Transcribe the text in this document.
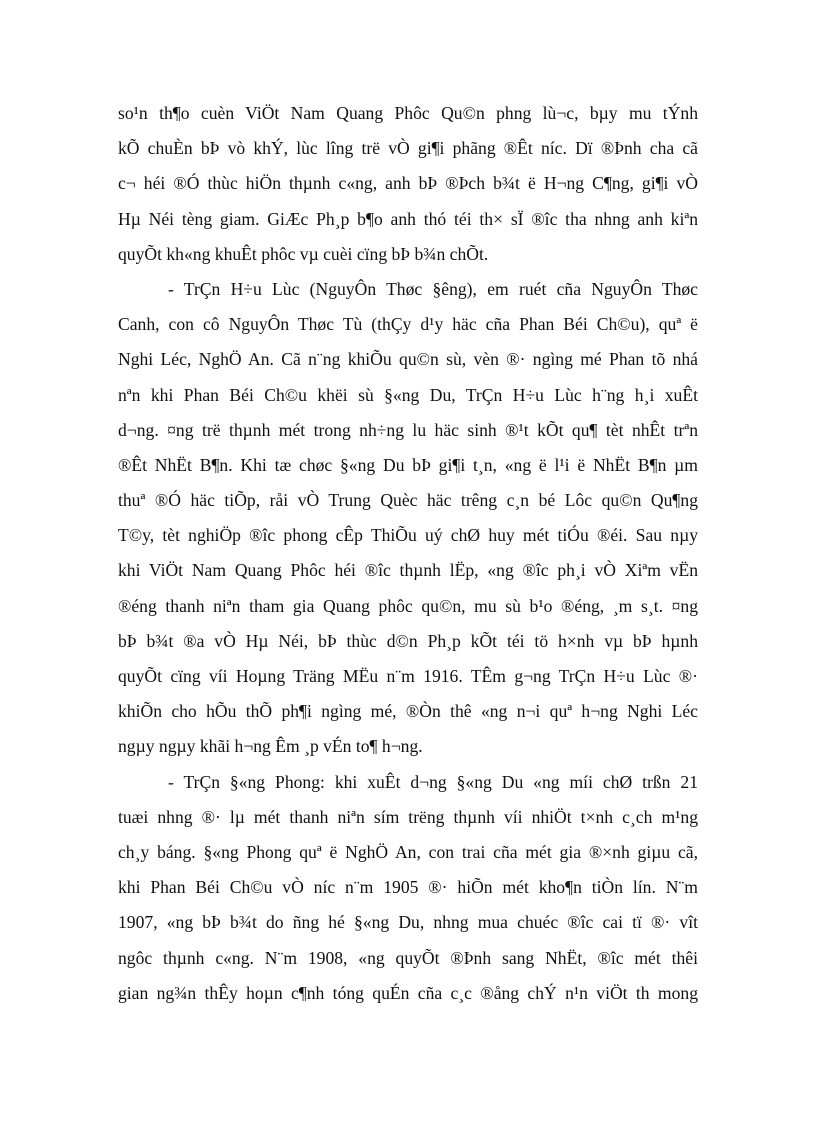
so¹n th¶o cuèn ViÖt Nam Quang Phôc Qu©n phng lù¬c, bµy mu tÝnh
kÕ chuÈn bÞ vò khÝ, lùc lîng trë vÒ gi¶i phãng ®Êt níc. Dï ®Þnh cha cã
c¬ héi ®Ó thùc hiÖn thµnh c«ng, anh bÞ ®Þch b¾t ë H¬ng C¶ng, gi¶i vÒ
Hµ Néi tèng giam. GiÆc Ph¸p b¶o anh thó téi th× sÏ ®îc tha nhng anh kiªn
quyÕt kh«ng khuÊt phôc vµ cuèi cïng bÞ b¾n chÕt.
- TrÇn H÷u Lùc (NguyÔn Thøc §êng), em ruét cña NguyÔn Thøc
Canh, con cô NguyÔn Thøc Tù (thÇy d¹y häc cña Phan Béi Ch©u), quª ë
Nghi Léc, NghÖ An. Cã n¨ng khiÕu qu©n sù, vèn ®· ngìng mé Phan tõ nhá
nªn khi Phan Béi Ch©u khëi sù §«ng Du, TrÇn H÷u Lùc h¨ng h¸i xuÊt
d¬ng. ¤ng trë thµnh mét trong nh÷ng lu häc sinh ®¹t kÕt qu¶ tèt nhÊt trªn
®Êt NhËt B¶n. Khi tæ chøc §«ng Du bÞ gi¶i t¸n, «ng ë l¹i ë NhËt B¶n µm
thuª ®Ó häc tiÕp, råi vÒ Trung Quèc häc trêng c¸n bé Lôc qu©n Qu¶ng
T©y, tèt nghiÖp ®îc phong cÊp ThiÕu uý chØ huy mét tiÓu ®éi. Sau nµy
khi ViÖt Nam Quang Phôc héi ®îc thµnh lËp, «ng ®îc ph¸i vÒ Xiªm vËn
®éng thanh niªn tham gia Quang phôc qu©n, mu sù b¹o ®éng, ¸m s¸t. ¤ng
bÞ b¾t ®a vÒ Hµ Néi, bÞ thùc d©n Ph¸p kÕt téi tö h×nh vµ bÞ hµnh
quyÕt cïng víi Hoµng Träng MËu n¨m 1916. TÊm g¬ng TrÇn H÷u Lùc ®·
khiÕn cho hÕu thÕ ph¶i ngìng mé, ®Òn thê «ng n¬i quª h¬ng Nghi Léc
ngµy ngµy khãi h¬ng Êm ¸p vÉn to¶ h¬ng.
- TrÇn §«ng Phong: khi xuÊt d¬ng §«ng Du «ng míi chØ trßn 21
tuæi nhng ®· lµ mét thanh niªn sím trëng thµnh víi nhiÖt t×nh c¸ch m¹ng
ch¸y báng. §«ng Phong quª ë NghÖ An, con trai cña mét gia ®×nh giµu cã,
khi Phan Béi Ch©u vÒ níc n¨m 1905 ®· hiÕn mét kho¶n tiÒn lín. N¨m
1907, «ng bÞ b¾t do ñng hé §«ng Du, nhng mua chuéc ®îc cai tï ®· vît
ngôc thµnh c«ng. N¨m 1908, «ng quyÕt ®Þnh sang NhËt, ®îc mét thêi
gian ng¾n thÊy hoµn c¶nh tóng quÉn cña c¸c ®ång chÝ n¹n viÖt th mong
